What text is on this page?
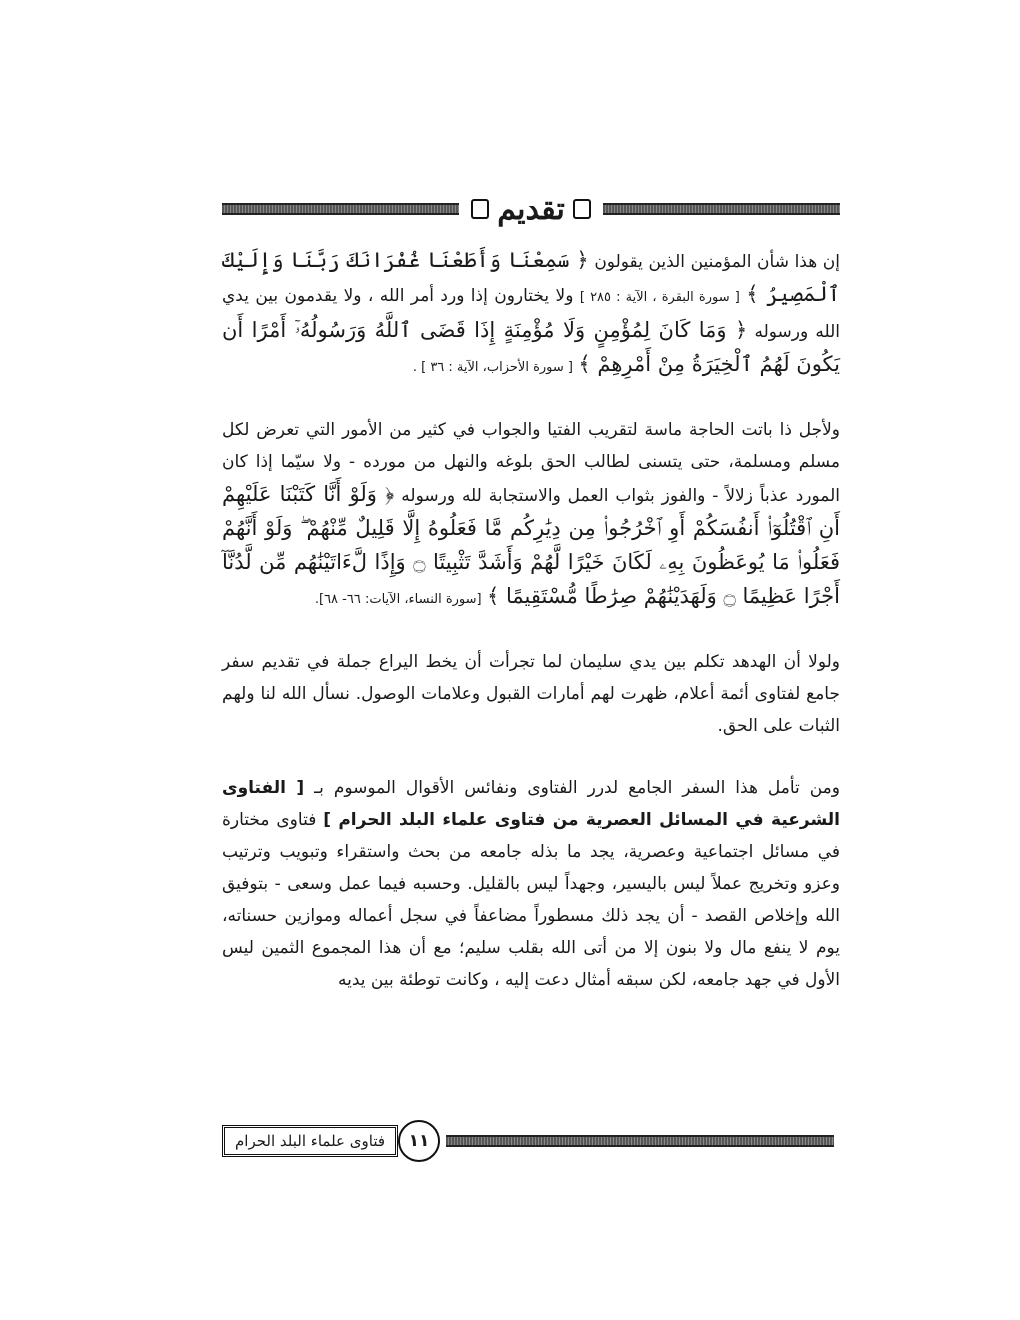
تقديم

إن هذا شأن المؤمنين الذين يقولون ﴿ سَمِعْنَا وَأَطَعْنَا غُفْرَانَكَ رَبَّنَا وَإِلَيْكَ ٱلْمَصِيرُ ﴾ [ سورة البقرة ، الآية : ٢٨٥ ] ولا يختارون إذا ورد أمر الله ، ولا يقدمون بين يدي الله ورسوله ﴿ وَمَا كَانَ لِمُؤْمِنٍ وَلَا مُؤْمِنَةٍ إِذَا قَضَى ٱللَّهُ وَرَسُولُهُۥٓ أَمْرًا أَن يَكُونَ لَهُمُ ٱلْخِيَرَةُ مِنْ أَمْرِهِمْ ﴾ [ سورة الأحزاب، الآية : ٣٦ ] .

ولأجل ذا باتت الحاجة ماسة لتقريب الفتيا والجواب في كثير من الأمور التي تعرض لكل مسلم ومسلمة، حتى يتسنى لطالب الحق بلوغه والنهل من مورده - ولا سيّما إذا كان المورد عذباً زلالاً - والفوز بثواب العمل والاستجابة لله ورسوله ﴿ وَلَوْ أَنَّا كَتَبْنَا عَلَيْهِمْ أَنِ ٱقْتُلُوٓا۟ أَنفُسَكُمْ أَوِ ٱخْرُجُوا۟ مِن دِيَٰرِكُم مَّا فَعَلُوهُ إِلَّا قَلِيلٌ مِّنْهُمْ ۖ وَلَوْ أَنَّهُمْ فَعَلُوا۟ مَا يُوعَظُونَ بِهِۦ لَكَانَ خَيْرًا لَّهُمْ وَأَشَدَّ تَثْبِيتًا ۝ وَإِذًا لَّءَاتَيْنَٰهُم مِّن لَّدُنَّآ أَجْرًا عَظِيمًا ۝ وَلَهَدَيْنَٰهُمْ صِرَٰطًا مُّسْتَقِيمًا ﴾ [سورة النساء، الآيات: ٦٦- ٦٨].

ولولا أن الهدهد تكلم بين يدي سليمان لما تجرأت أن يخط اليراع جملة في تقديم سفر جامع لفتاوى أئمة أعلام، ظهرت لهم أمارات القبول وعلامات الوصول. نسأل الله لنا ولهم الثبات على الحق.

ومن تأمل هذا السفر الجامع لدرر الفتاوى ونفائس الأقوال الموسوم بـ [ الفتاوى الشرعية في المسائل العصرية من فتاوى علماء البلد الحرام ] فتاوى مختارة في مسائل اجتماعية وعصرية، يجد ما بذله جامعه من بحث واستقراء وتبويب وترتيب وعزو وتخريج عملاً ليس باليسير، وجهداً ليس بالقليل. وحسبه فيما عمل وسعى - بتوفيق الله وإخلاص القصد - أن يجد ذلك مسطوراً مضاعفاً في سجل أعماله وموازين حسناته، يوم لا ينفع مال ولا بنون إلا من أتى الله بقلب سليم؛ مع أن هذا المجموع الثمين ليس الأول في جهد جامعه، لكن سبقه أمثال دعت إليه ، وكانت توطئة بين يديه

١١
فتاوى علماء البلد الحرام
